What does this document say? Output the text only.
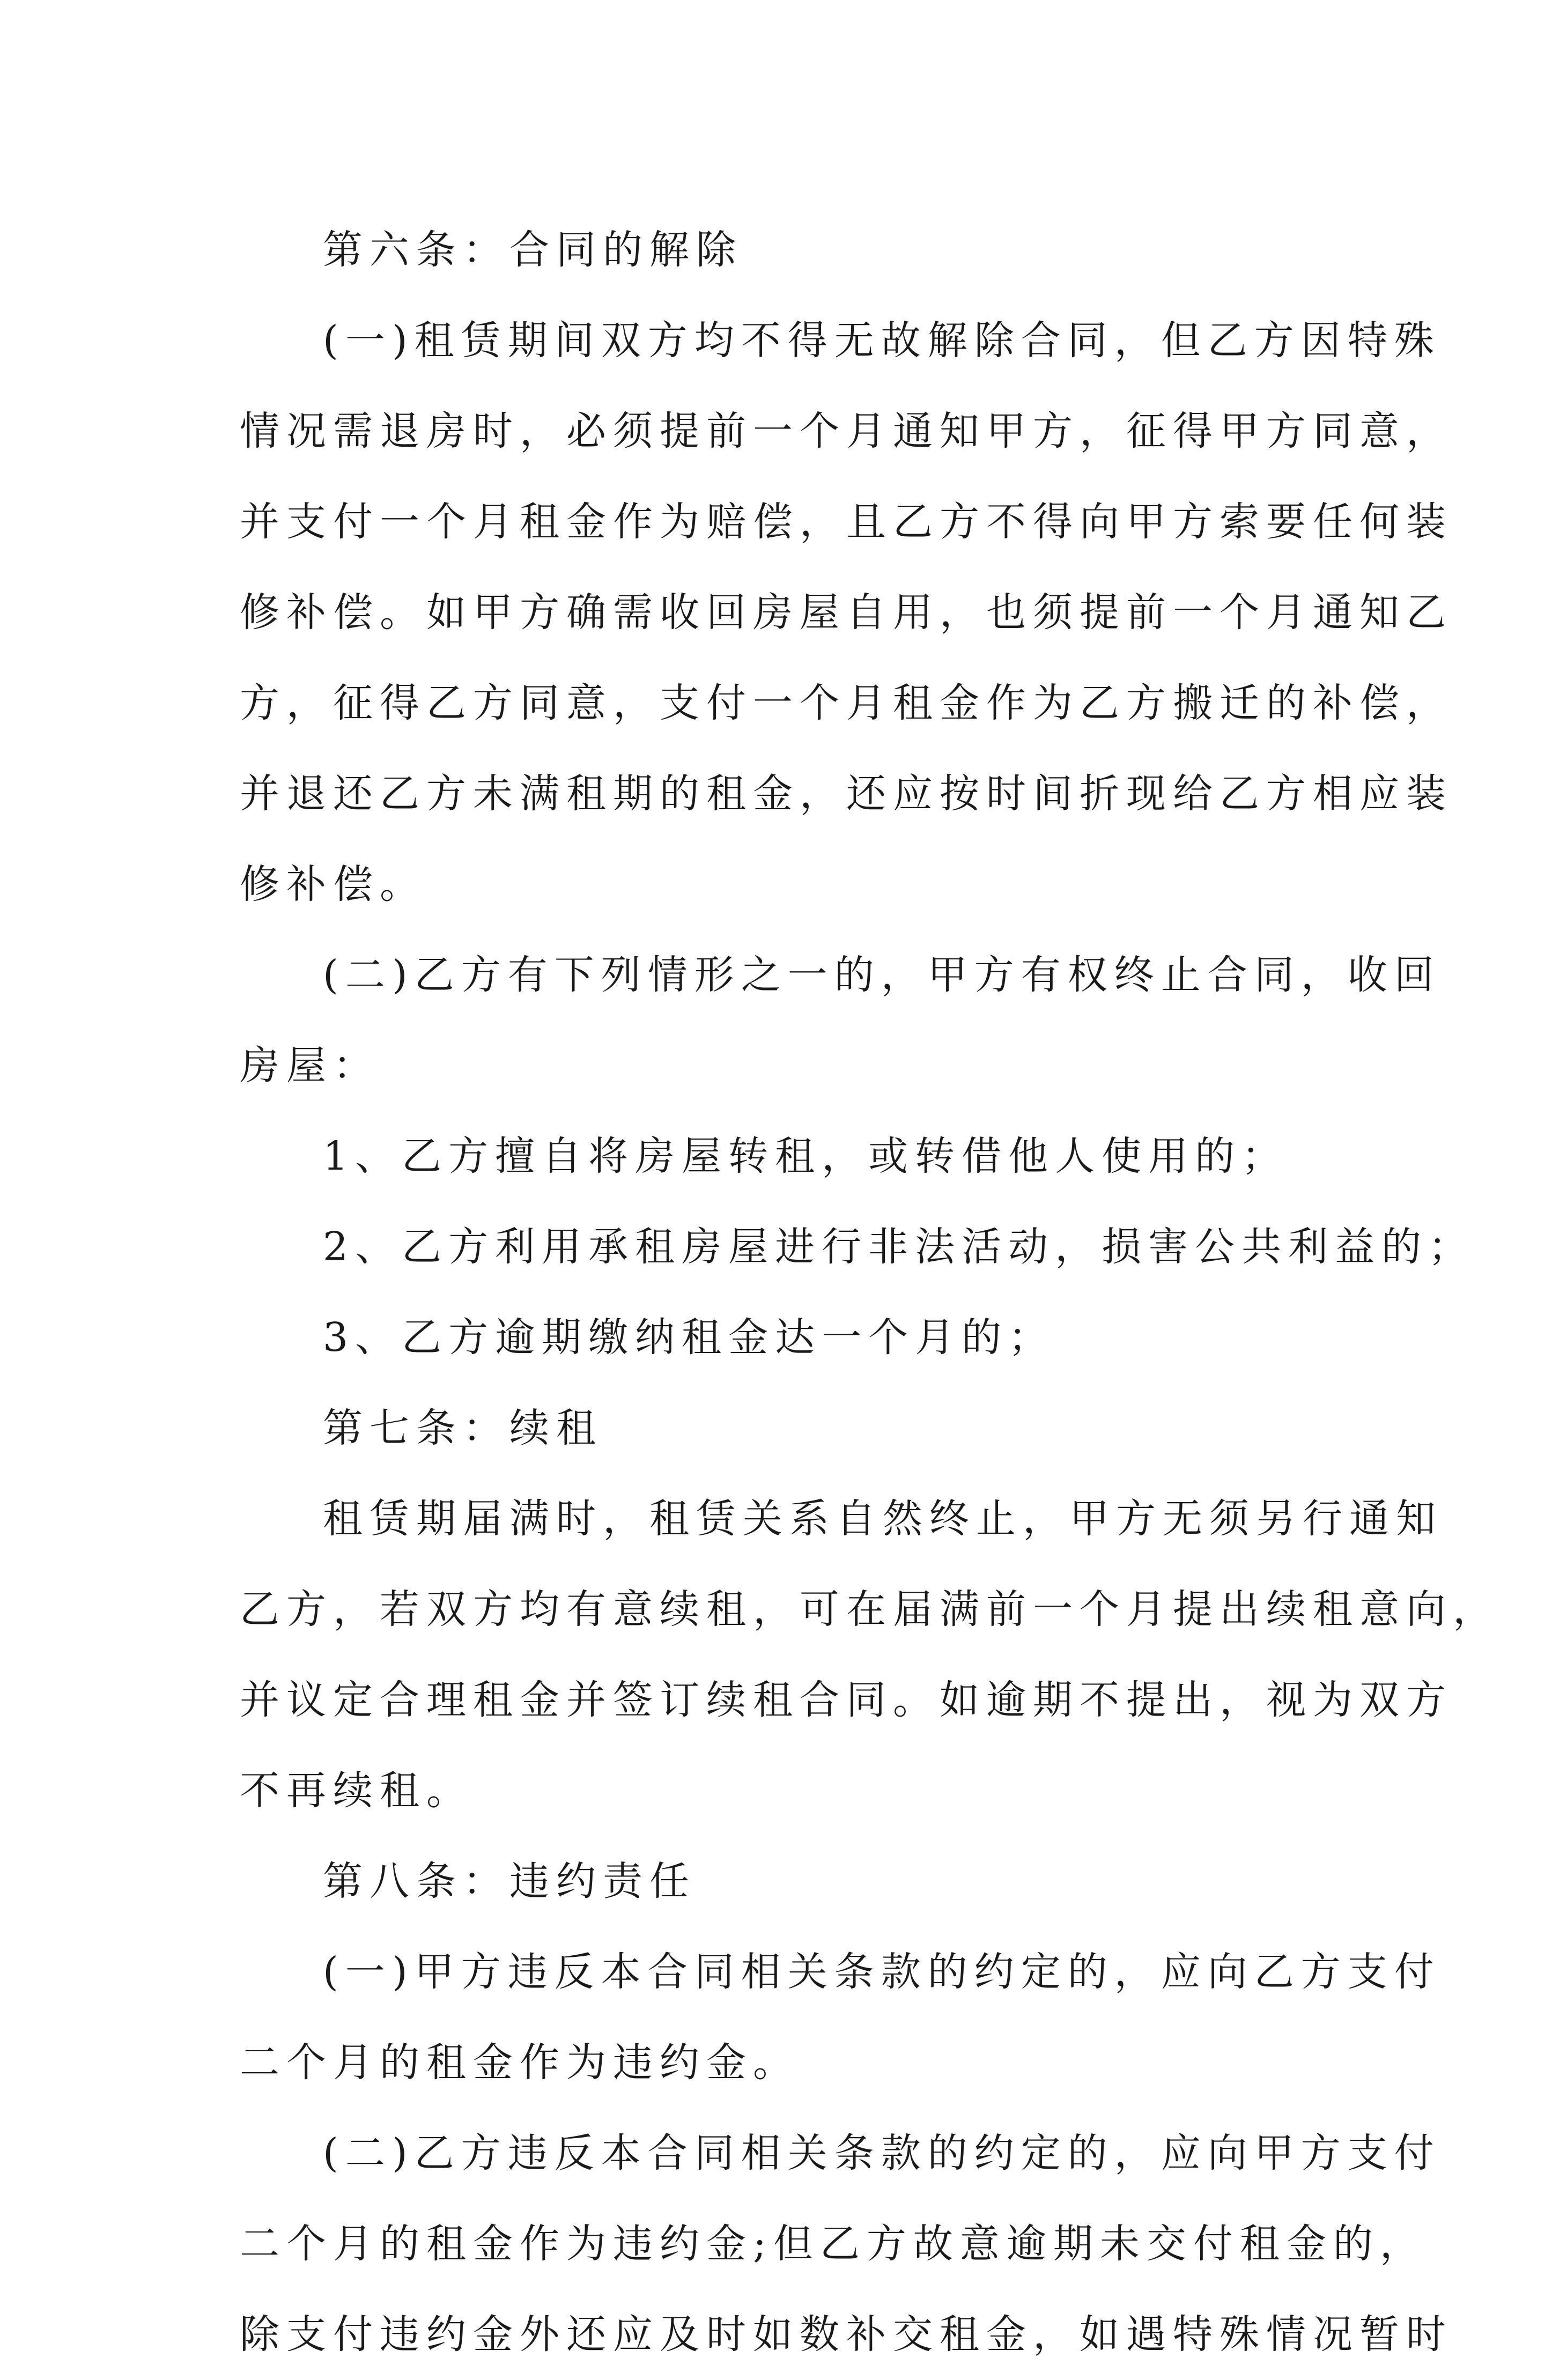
第六条：合同的解除
(一)租赁期间双方均不得无故解除合同，但乙方因特殊
情况需退房时，必须提前一个月通知甲方，征得甲方同意，
并支付一个月租金作为赔偿，且乙方不得向甲方索要任何装
修补偿。如甲方确需收回房屋自用，也须提前一个月通知乙
方，征得乙方同意，支付一个月租金作为乙方搬迁的补偿，
并退还乙方未满租期的租金，还应按时间折现给乙方相应装
修补偿。
(二)乙方有下列情形之一的，甲方有权终止合同，收回
房屋：
1、乙方擅自将房屋转租，或转借他人使用的；
2、乙方利用承租房屋进行非法活动，损害公共利益的；
3、乙方逾期缴纳租金达一个月的；
第七条：续租
租赁期届满时，租赁关系自然终止，甲方无须另行通知
乙方，若双方均有意续租，可在届满前一个月提出续租意向，
并议定合理租金并签订续租合同。如逾期不提出，视为双方
不再续租。
第八条：违约责任
(一)甲方违反本合同相关条款的约定的，应向乙方支付
二个月的租金作为违约金。
(二)乙方违反本合同相关条款的约定的，应向甲方支付
二个月的租金作为违约金;但乙方故意逾期未交付租金的，
除支付违约金外还应及时如数补交租金，如遇特殊情况暂时
